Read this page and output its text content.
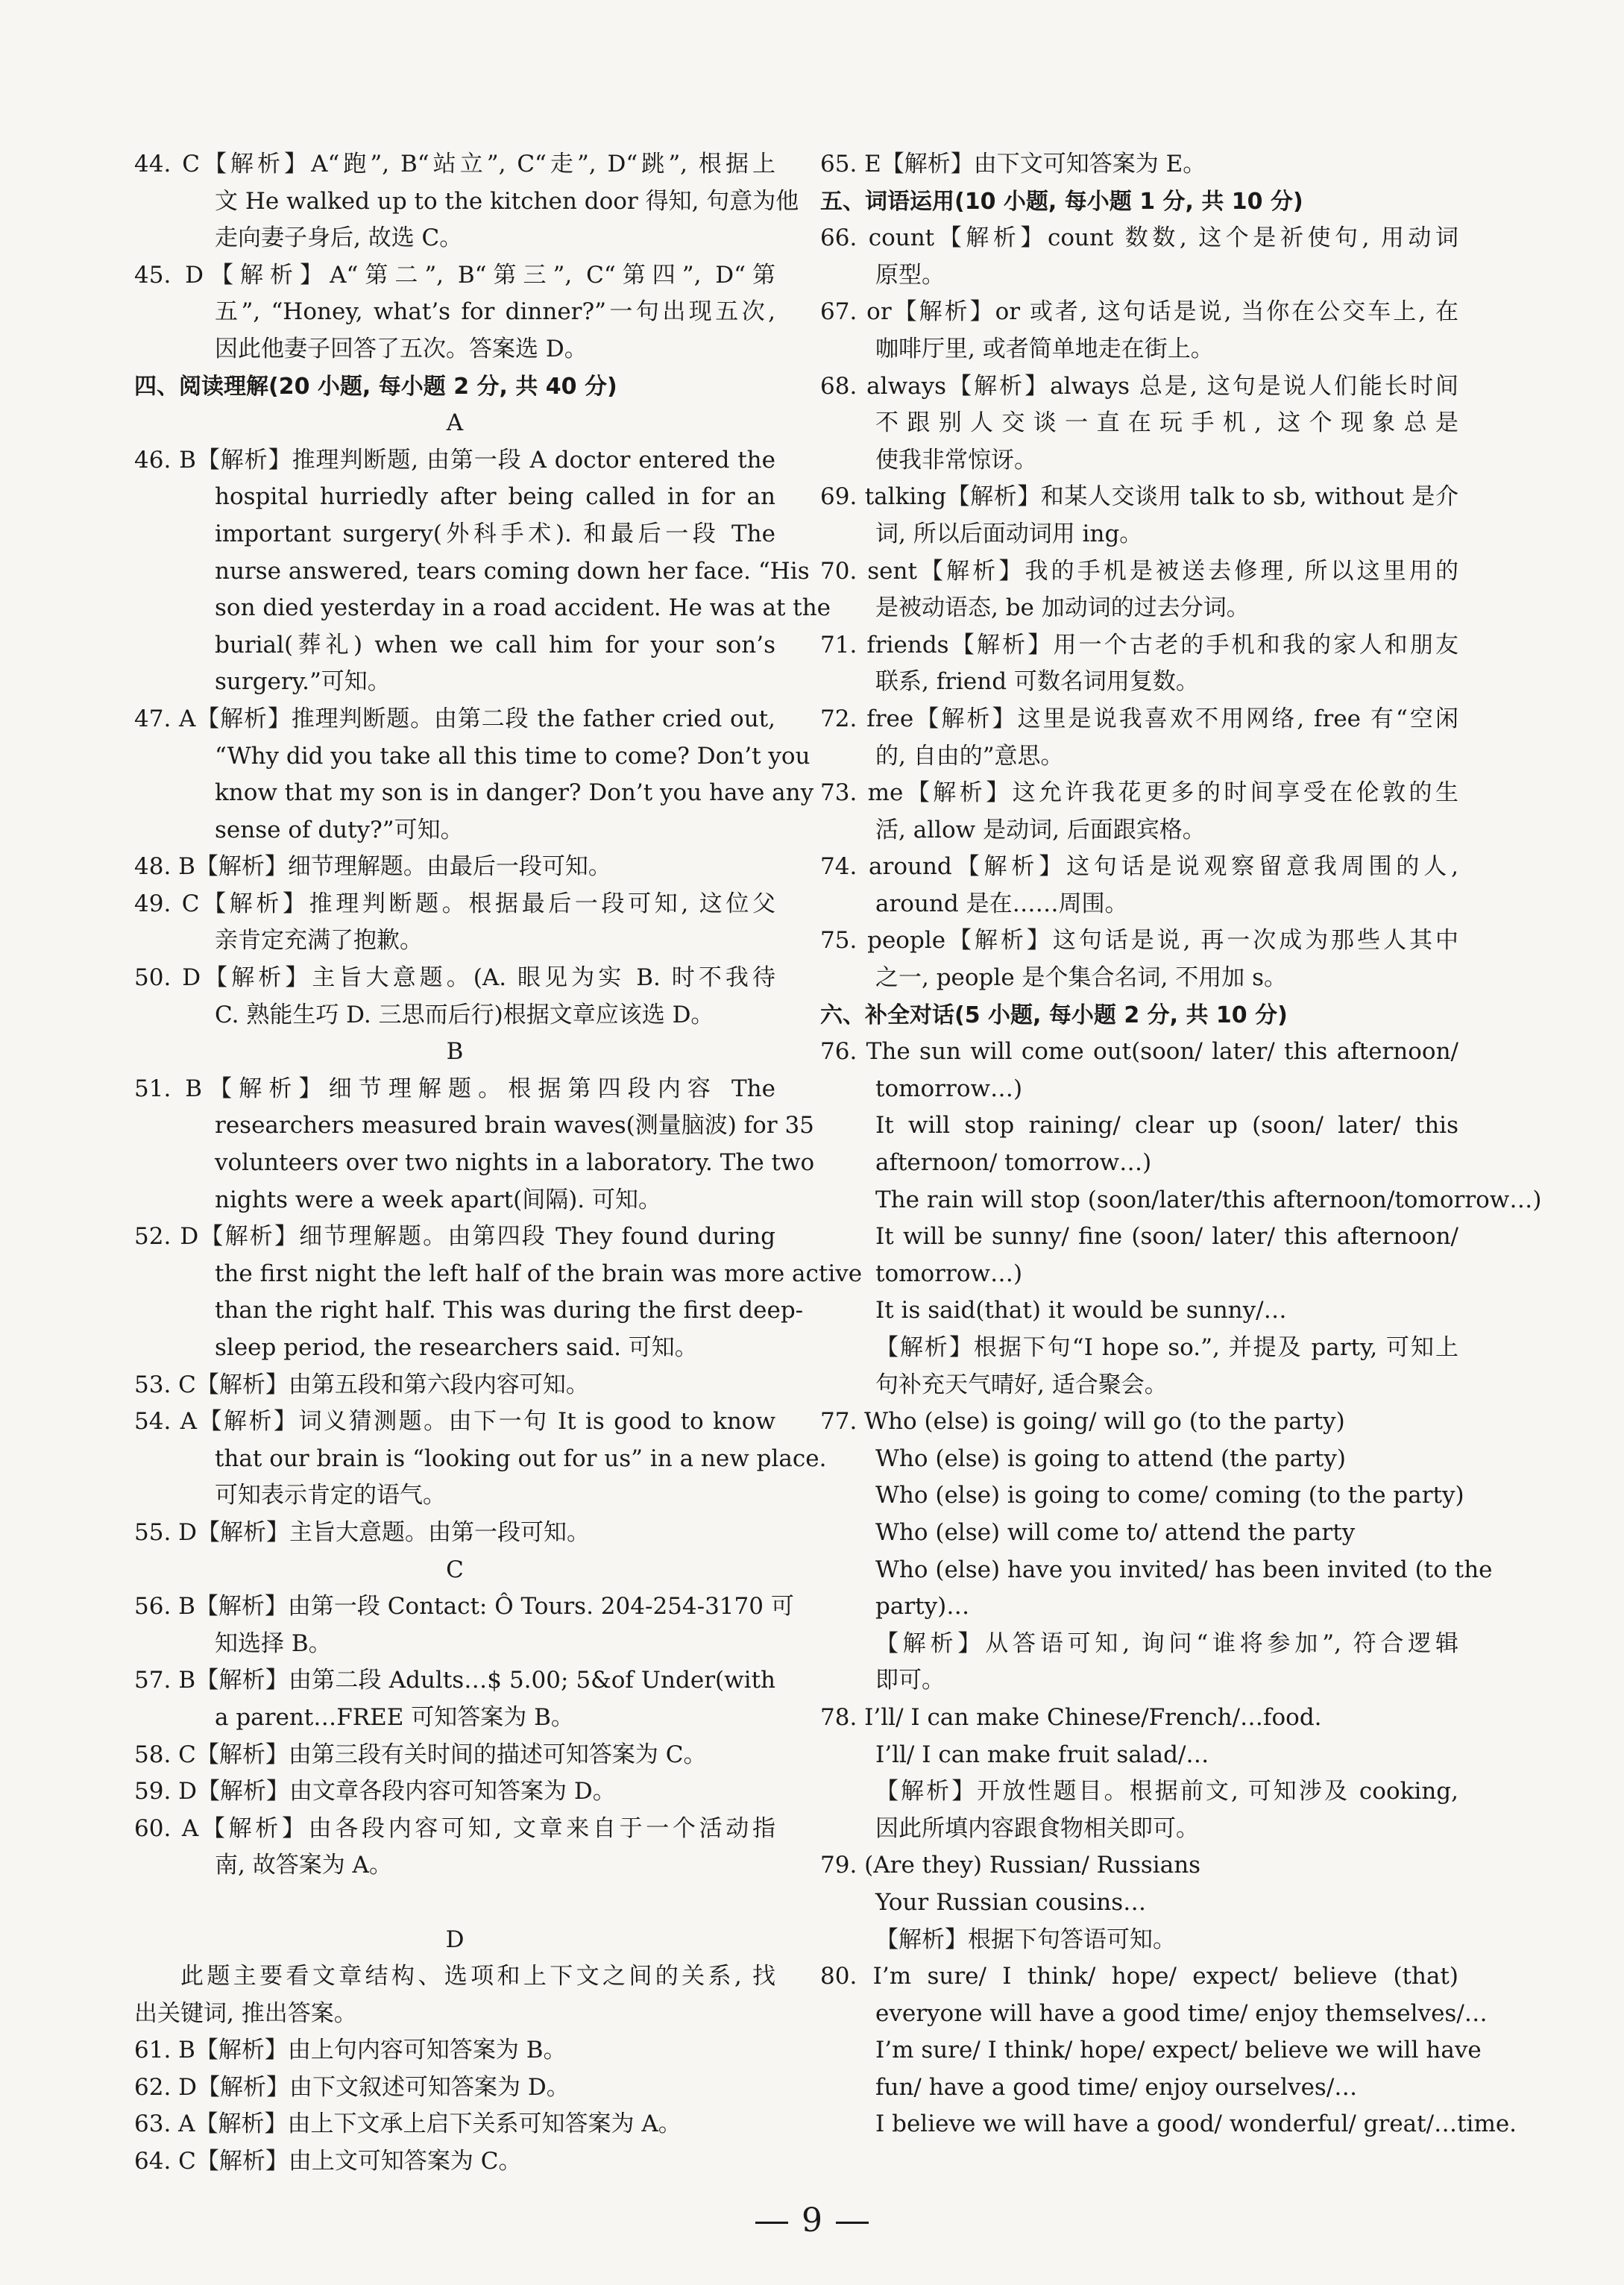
44. C【解析】A“跑”, B“站立”, C“走”, D“跳”, 根据上
文 He walked up to the kitchen door 得知, 句意为他
走向妻子身后, 故选 C。
45. D【解析】A“第二”, B“第三”, C“第四”, D“第
五”, “Honey, what’s for dinner?”一句出现五次,
因此他妻子回答了五次。答案选 D。
四、阅读理解(20 小题, 每小题 2 分, 共 40 分)
A
46. B【解析】推理判断题, 由第一段 A doctor entered the
hospital hurriedly after being called in for an
important surgery(外科手术). 和最后一段 The
nurse answered, tears coming down her face. “His
son died yesterday in a road accident. He was at the
burial(葬礼) when we call him for your son’s
surgery.”可知。
47. A【解析】推理判断题。由第二段 the father cried out,
“Why did you take all this time to come? Don’t you
know that my son is in danger? Don’t you have any
sense of duty?”可知。
48. B【解析】细节理解题。由最后一段可知。
49. C【解析】推理判断题。根据最后一段可知, 这位父
亲肯定充满了抱歉。
50. D【解析】主旨大意题。(A. 眼见为实 B. 时不我待
C. 熟能生巧 D. 三思而后行)根据文章应该选 D。
B
51. B【解析】细节理解题。根据第四段内容 The
researchers measured brain waves(测量脑波) for 35
volunteers over two nights in a laboratory. The two
nights were a week apart(间隔). 可知。
52. D【解析】细节理解题。由第四段 They found during
the first night the left half of the brain was more active
than the right half. This was during the first deep-
sleep period, the researchers said. 可知。
53. C【解析】由第五段和第六段内容可知。
54. A【解析】词义猜测题。由下一句 It is good to know
that our brain is “looking out for us” in a new place.
可知表示肯定的语气。
55. D【解析】主旨大意题。由第一段可知。
C
56. B【解析】由第一段 Contact: Ô Tours. 204-254-3170 可
知选择 B。
57. B【解析】由第二段 Adults…$ 5.00; 5&of Under(with
a parent…FREE 可知答案为 B。
58. C【解析】由第三段有关时间的描述可知答案为 C。
59. D【解析】由文章各段内容可知答案为 D。
60. A【解析】由各段内容可知, 文章来自于一个活动指
南, 故答案为 A。
D
此题主要看文章结构、选项和上下文之间的关系, 找
出关键词, 推出答案。
61. B【解析】由上句内容可知答案为 B。
62. D【解析】由下文叙述可知答案为 D。
63. A【解析】由上下文承上启下关系可知答案为 A。
64. C【解析】由上文可知答案为 C。
65. E【解析】由下文可知答案为 E。
五、词语运用(10 小题, 每小题 1 分, 共 10 分)
66. count【解析】count 数数, 这个是祈使句, 用动词
原型。
67. or【解析】or 或者, 这句话是说, 当你在公交车上, 在
咖啡厅里, 或者简单地走在街上。
68. always【解析】always 总是, 这句是说人们能长时间
不跟别人交谈一直在玩手机, 这个现象总是
使我非常惊讶。
69. talking【解析】和某人交谈用 talk to sb, without 是介
词, 所以后面动词用 ing。
70. sent【解析】我的手机是被送去修理, 所以这里用的
是被动语态, be 加动词的过去分词。
71. friends【解析】用一个古老的手机和我的家人和朋友
联系, friend 可数名词用复数。
72. free【解析】这里是说我喜欢不用网络, free 有“空闲
的, 自由的”意思。
73. me【解析】这允许我花更多的时间享受在伦敦的生
活, allow 是动词, 后面跟宾格。
74. around【解析】这句话是说观察留意我周围的人,
around 是在……周围。
75. people【解析】这句话是说, 再一次成为那些人其中
之一, people 是个集合名词, 不用加 s。
六、补全对话(5 小题, 每小题 2 分, 共 10 分)
76. The sun will come out(soon/ later/ this afternoon/
tomorrow…)
It will stop raining/ clear up (soon/ later/ this
afternoon/ tomorrow…)
The rain will stop (soon/later/this afternoon/tomorrow…)
It will be sunny/ fine (soon/ later/ this afternoon/
tomorrow…)
It is said(that) it would be sunny/…
【解析】根据下句“I hope so.”, 并提及 party, 可知上
句补充天气晴好, 适合聚会。
77. Who (else) is going/ will go (to the party)
Who (else) is going to attend (the party)
Who (else) is going to come/ coming (to the party)
Who (else) will come to/ attend the party
Who (else) have you invited/ has been invited (to the
party)…
【解析】从答语可知, 询问“谁将参加”, 符合逻辑
即可。
78. I’ll/ I can make Chinese/French/…food.
I’ll/ I can make fruit salad/…
【解析】开放性题目。根据前文, 可知涉及 cooking,
因此所填内容跟食物相关即可。
79. (Are they) Russian/ Russians
Your Russian cousins…
【解析】根据下句答语可知。
80. I’m sure/ I think/ hope/ expect/ believe (that)
everyone will have a good time/ enjoy themselves/…
I’m sure/ I think/ hope/ expect/ believe we will have
fun/ have a good time/ enjoy ourselves/…
I believe we will have a good/ wonderful/ great/…time.
9
